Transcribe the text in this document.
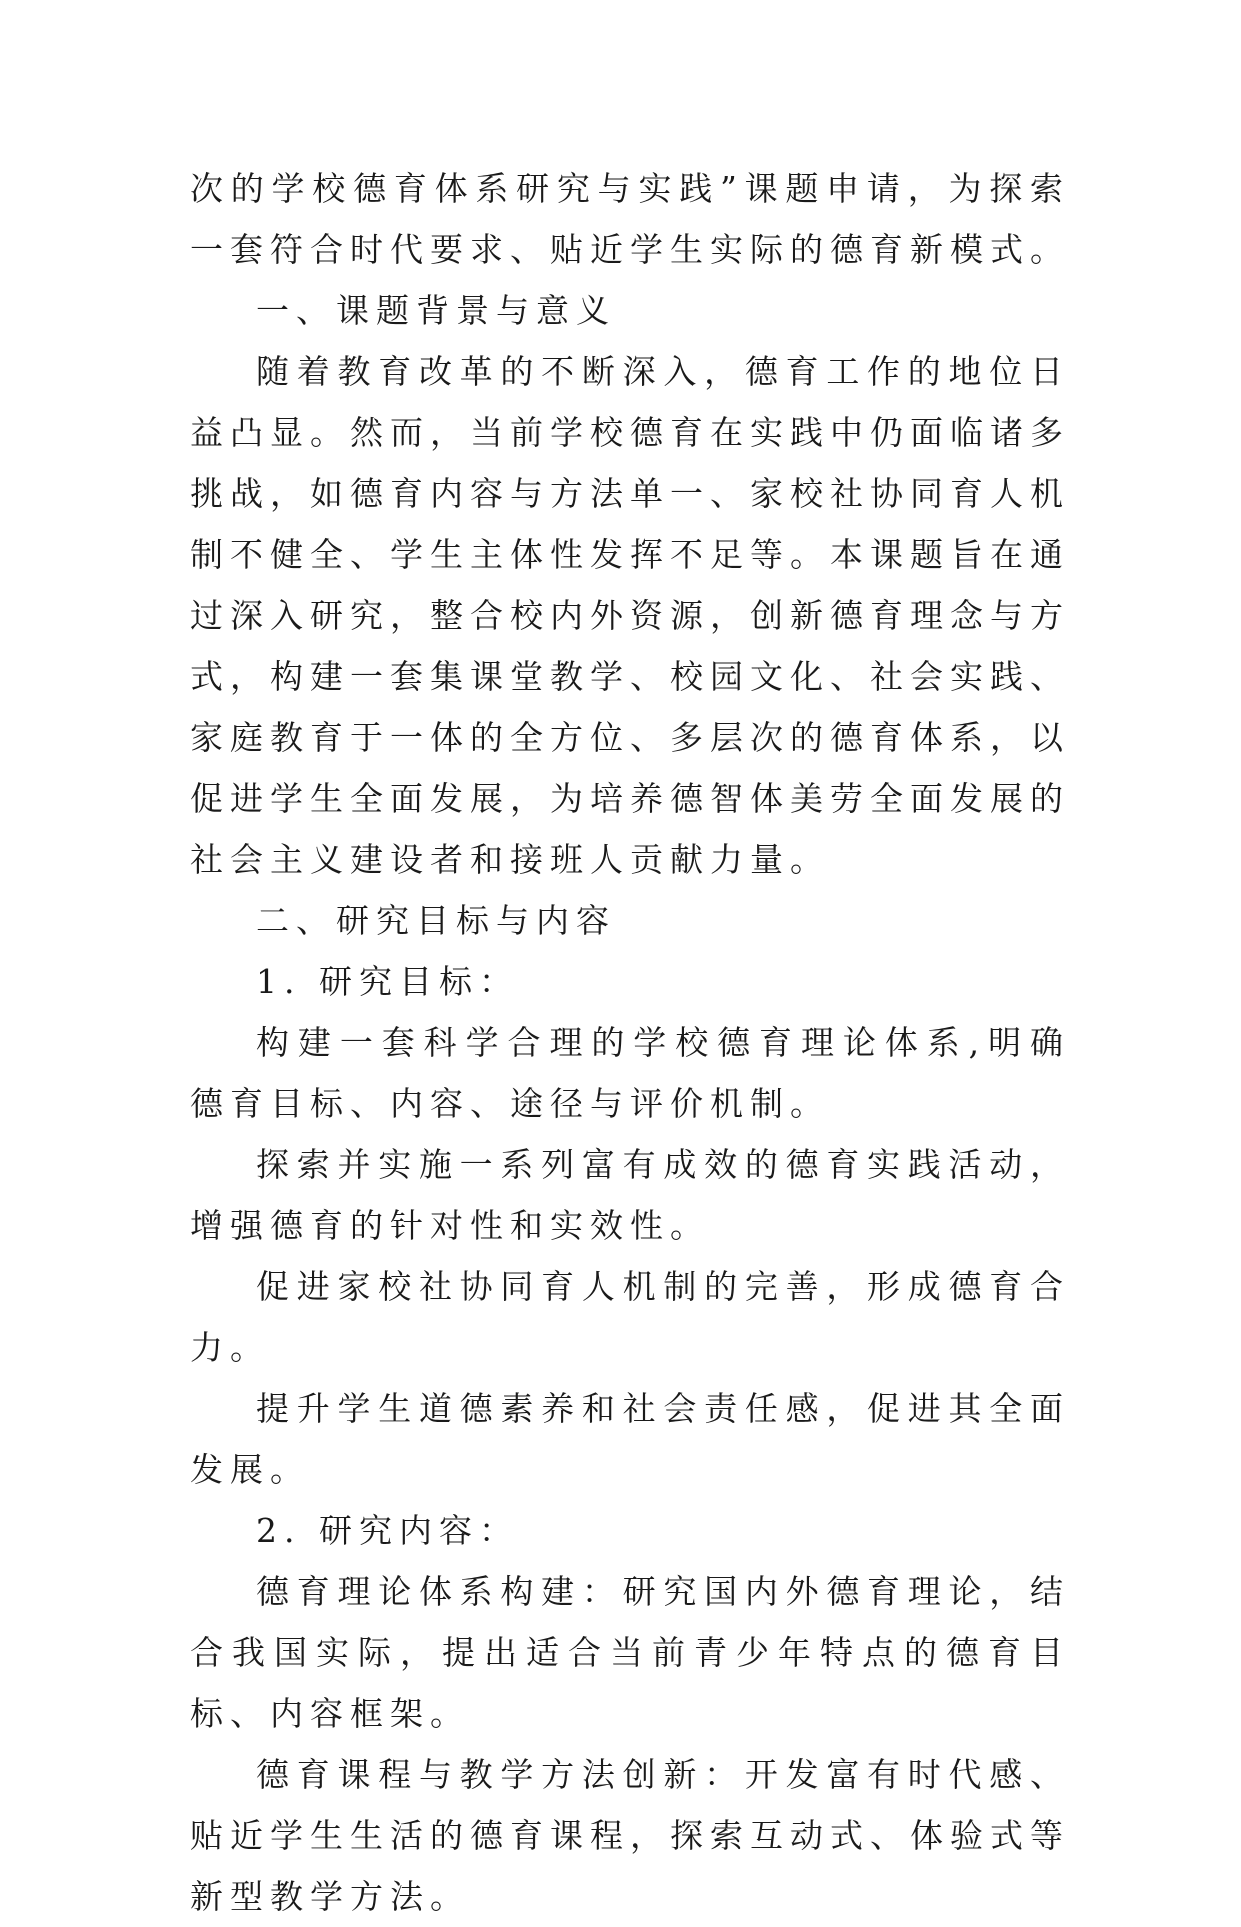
次的学校德育体系研究与实践”课题申请，为探索一套符合时代要求、贴近学生实际的德育新模式。

一、课题背景与意义

随着教育改革的不断深入，德育工作的地位日益凸显。然而，当前学校德育在实践中仍面临诸多挑战，如德育内容与方法单一、家校社协同育人机制不健全、学生主体性发挥不足等。本课题旨在通过深入研究，整合校内外资源，创新德育理念与方式，构建一套集课堂教学、校园文化、社会实践、家庭教育于一体的全方位、多层次的德育体系，以促进学生全面发展，为培养德智体美劳全面发展的社会主义建设者和接班人贡献力量。

二、研究目标与内容

1. 研究目标：

构建一套科学合理的学校德育理论体系,明确德育目标、内容、途径与评价机制。

探索并实施一系列富有成效的德育实践活动，增强德育的针对性和实效性。

促进家校社协同育人机制的完善，形成德育合力。

提升学生道德素养和社会责任感，促进其全面发展。

2. 研究内容：

德育理论体系构建：研究国内外德育理论，结合我国实际，提出适合当前青少年特点的德育目标、内容框架。

德育课程与教学方法创新：开发富有时代感、贴近学生生活的德育课程，探索互动式、体验式等新型教学方法。
